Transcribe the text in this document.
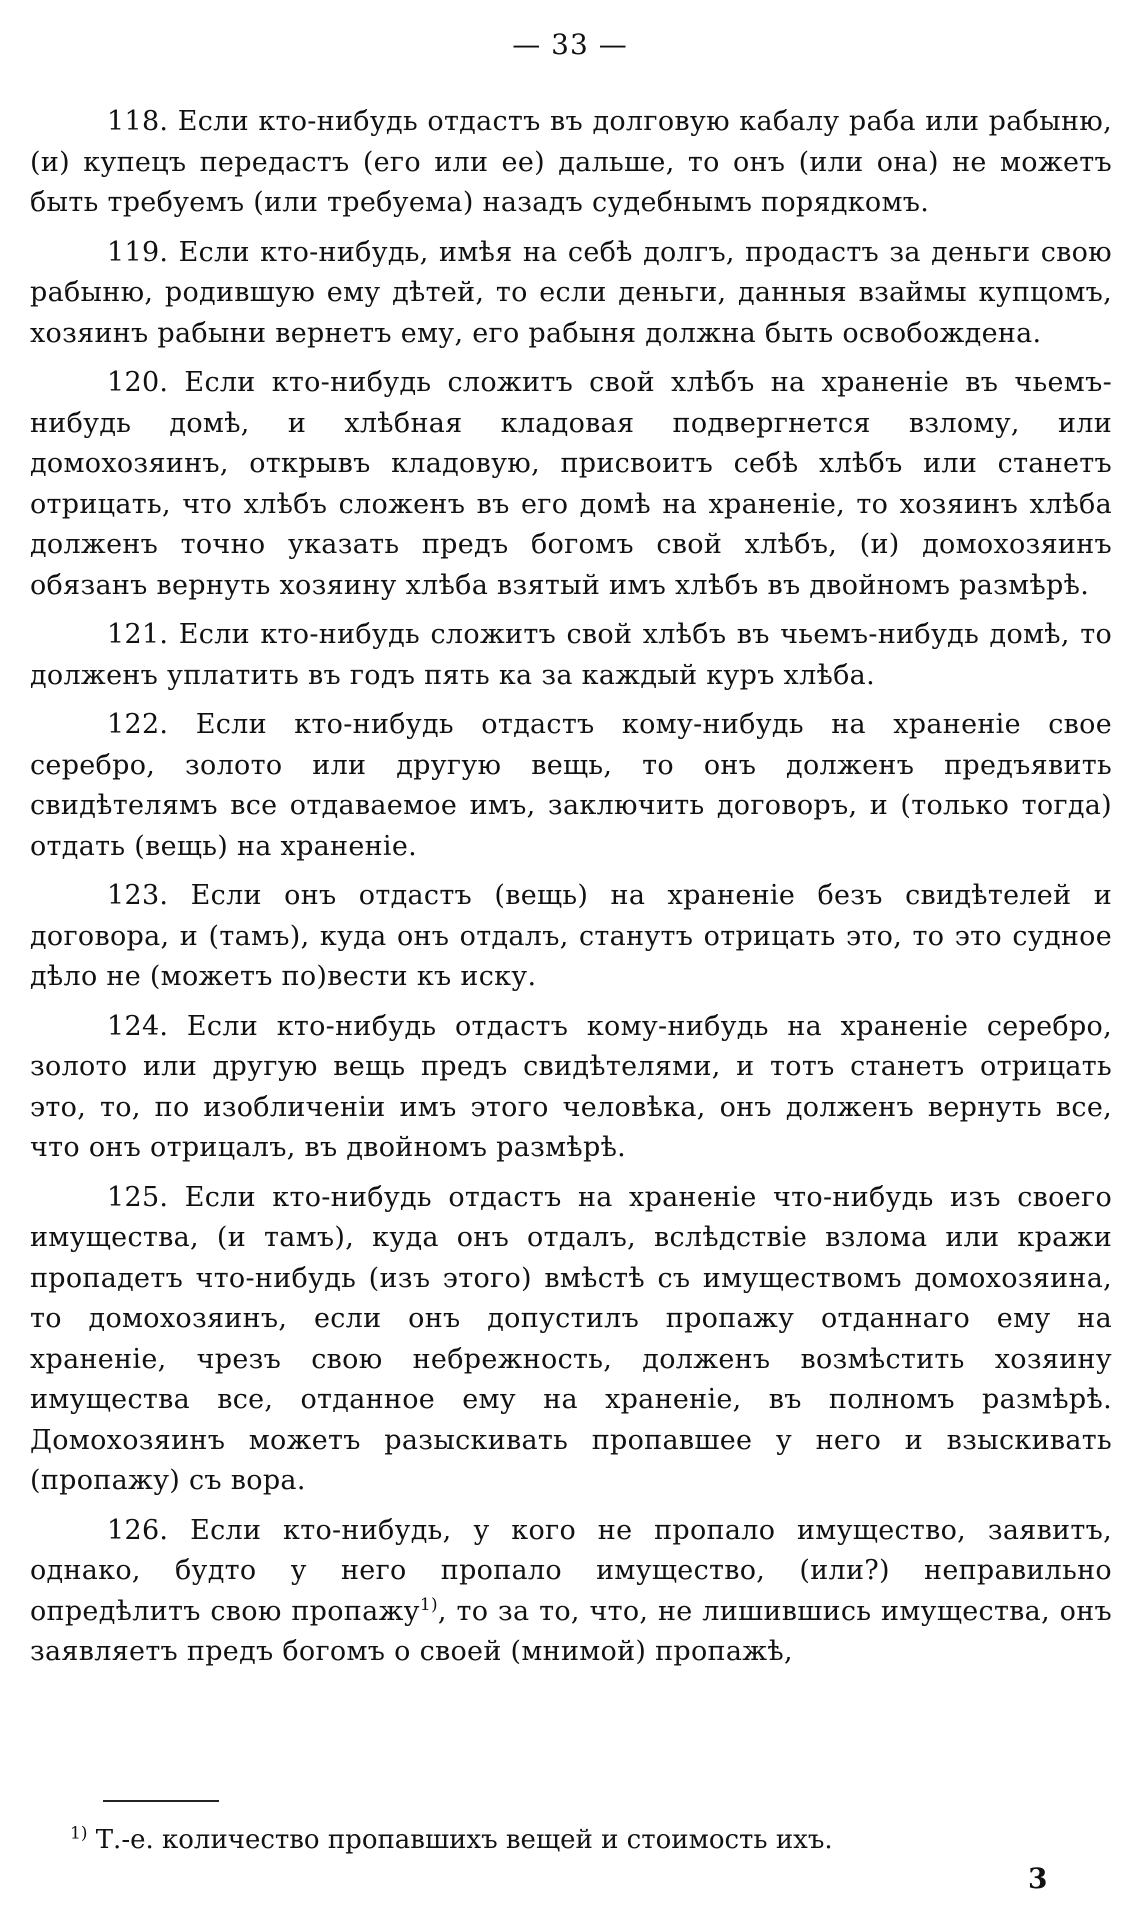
— 33 —

118. Если кто-нибудь отдастъ въ долговую кабалу раба или рабыню, (и) купецъ передастъ (его или ее) дальше, то онъ (или она) не можетъ быть требуемъ (или требуема) назадъ судебнымъ порядкомъ.

119. Если кто-нибудь, имѣя на себѣ долгъ, продастъ за деньги свою рабыню, родившую ему дѣтей, то если деньги, данныя взаймы купцомъ, хозяинъ рабыни вернетъ ему, его рабыня должна быть освобождена.

120. Если кто-нибудь сложитъ свой хлѣбъ на храненіе въ чьемъ-нибудь домѣ, и хлѣбная кладовая подвергнется взлому, или домохозяинъ, открывъ кладовую, присвоитъ себѣ хлѣбъ или станетъ отрицать, что хлѣбъ сложенъ въ его домѣ на храненіе, то хозяинъ хлѣба долженъ точно указать предъ богомъ свой хлѣбъ, (и) домохозяинъ обязанъ вернуть хозяину хлѣба взятый имъ хлѣбъ въ двойномъ размѣрѣ.

121. Если кто-нибудь сложитъ свой хлѣбъ въ чьемъ-нибудь домѣ, то долженъ уплатить въ годъ пять ка за каждый куръ хлѣба.

122. Если кто-нибудь отдастъ кому-нибудь на храненіе свое серебро, золото или другую вещь, то онъ долженъ предъявить свидѣтелямъ все отдаваемое имъ, заключить договоръ, и (только тогда) отдать (вещь) на храненіе.

123. Если онъ отдастъ (вещь) на храненіе безъ свидѣтелей и договора, и (тамъ), куда онъ отдалъ, станутъ отрицать это, то это судное дѣло не (можетъ по)вести къ иску.

124. Если кто-нибудь отдастъ кому-нибудь на храненіе серебро, золото или другую вещь предъ свидѣтелями, и тотъ станетъ отрицать это, то, по изобличеніи имъ этого человѣка, онъ долженъ вернуть все, что онъ отрицалъ, въ двойномъ размѣрѣ.

125. Если кто-нибудь отдастъ на храненіе что-нибудь изъ своего имущества, (и тамъ), куда онъ отдалъ, вслѣдствіе взлома или кражи пропадетъ что-нибудь (изъ этого) вмѣстѣ съ имуществомъ домохозяина, то домохозяинъ, если онъ допустилъ пропажу отданнаго ему на храненіе, чрезъ свою небрежность, долженъ возмѣстить хозяину имущества все, отданное ему на храненіе, въ полномъ размѣрѣ. Домохозяинъ можетъ разыскивать пропавшее у него и взыскивать (пропажу) съ вора.

126. Если кто-нибудь, у кого не пропало имущество, заявитъ, однако, будто у него пропало имущество, (или?) неправильно опредѣлитъ свою пропажу$^{1)}$, то за то, что, не лишившись имущества, онъ заявляетъ предъ богомъ о своей (мнимой) пропажѣ,

$^{1)}$ Т.-е. количество пропавшихъ вещей и стоимость ихъ.
3
